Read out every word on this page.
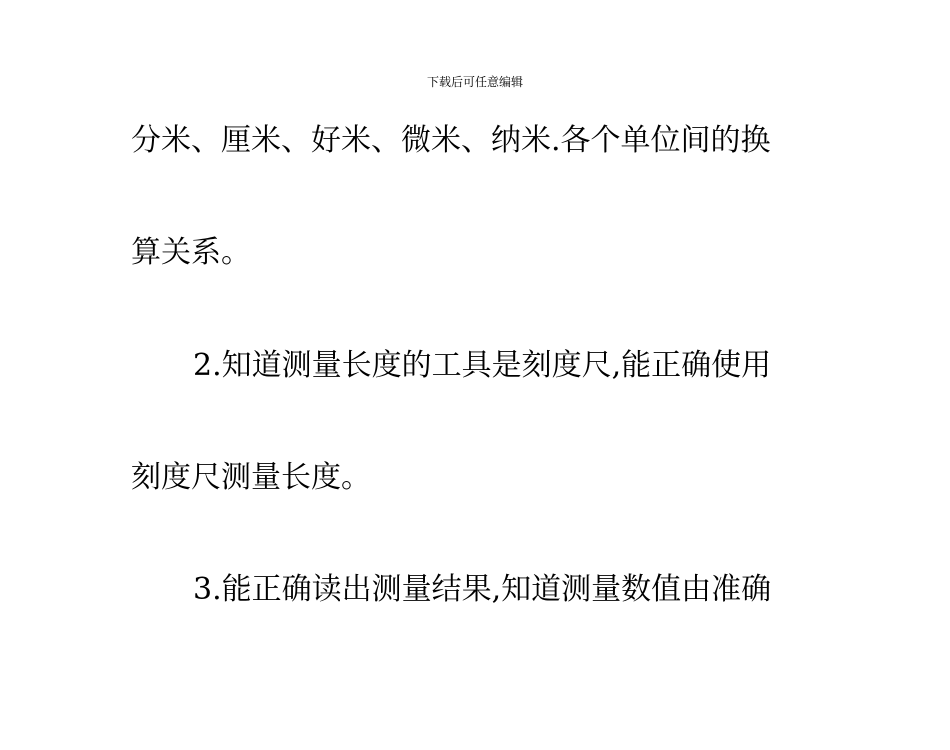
下载后可任意编辑
分米、厘米、好米、微米、纳米.各个单位间的换
算关系。
2.知道测量长度的工具是刻度尺,能正确使用
刻度尺测量长度。
3.能正确读出测量结果,知道测量数值由准确
